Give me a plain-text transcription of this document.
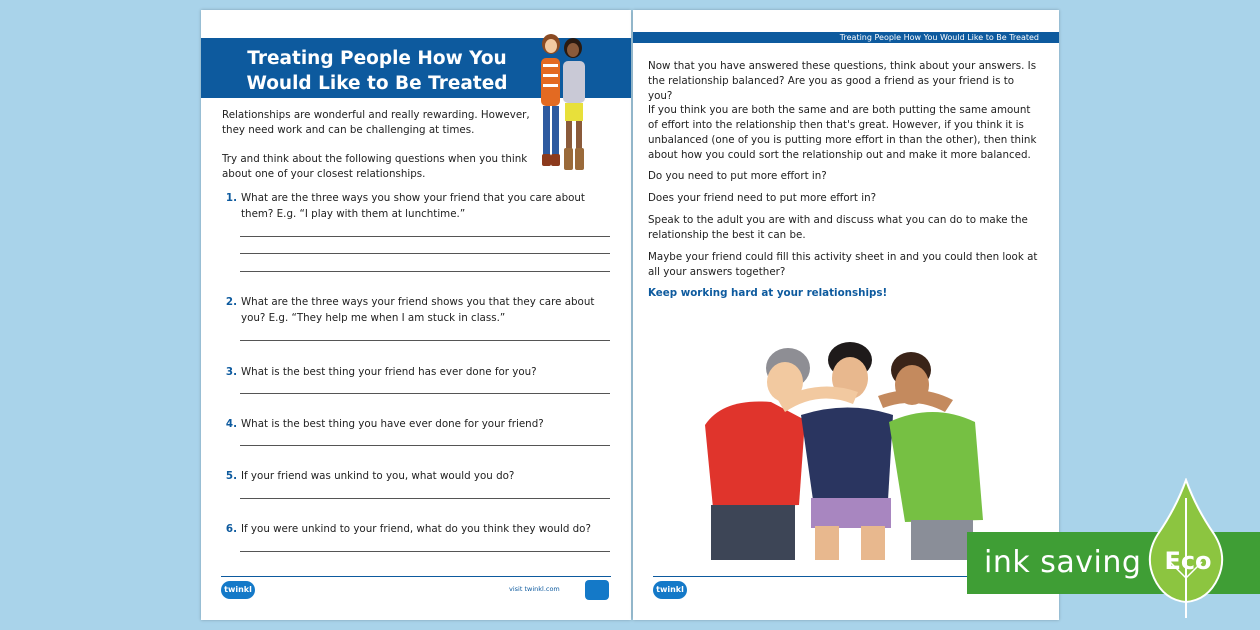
Treating People How You
Would Like to Be Treated
Relationships are wonderful and really rewarding. However, they need work and can be challenging at times.
Try and think about the following questions when you think about one of your closest relationships.
1. What are the three ways you show your friend that you care about them? E.g. “I play with them at lunchtime.”
2. What are the three ways your friend shows you that they care about you? E.g. “They help me when I am stuck in class.”
3. What is the best thing your friend has ever done for you?
4. What is the best thing you have ever done for your friend?
5. If your friend was unkind to you, what would you do?
6. If you were unkind to your friend, what do you think they would do?
twinkl	visit twinkl.com
Treating People How You Would Like to Be Treated
Now that you have answered these questions, think about your answers. Is the relationship balanced? Are you as good a friend as your friend is to you?
If you think you are both the same and are both putting the same amount of effort into the relationship then that's great. However, if you think it is unbalanced (one of you is putting more effort in than the other), then think about how you could sort the relationship out and make it more balanced.
Do you need to put more effort in?
Does your friend need to put more effort in?
Speak to the adult you are with and discuss what you can do to make the relationship the best it can be.
Maybe your friend could fill this activity sheet in and you could then look at all your answers together?
Keep working hard at your relationships!
twinkl
ink saving Eco
